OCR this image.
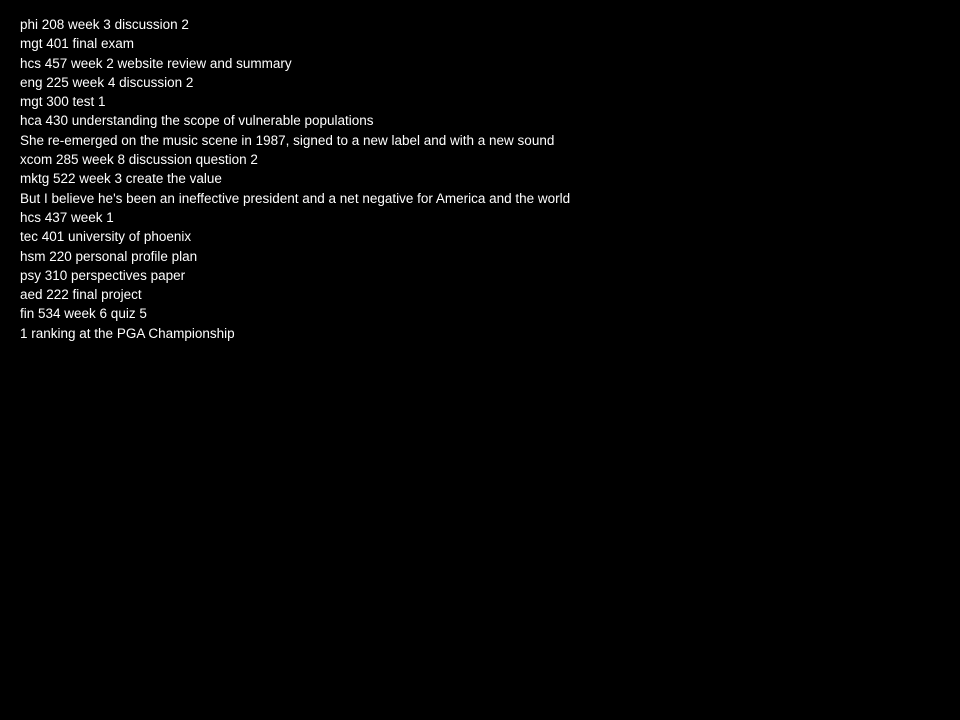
phi 208 week 3 discussion 2
mgt 401 final exam
hcs 457 week 2 website review and summary
eng 225 week 4 discussion 2
mgt 300 test 1
hca 430 understanding the scope of vulnerable populations
She re-emerged on the music scene in 1987, signed to a new label and with a new sound
xcom 285 week 8 discussion question 2
mktg 522 week 3 create the value
But I believe he's been an ineffective president and a net negative for America and the world
hcs 437 week 1
tec 401 university of phoenix
hsm 220 personal profile plan
psy 310 perspectives paper
aed 222 final project
fin 534 week 6 quiz 5
1 ranking at the PGA Championship
